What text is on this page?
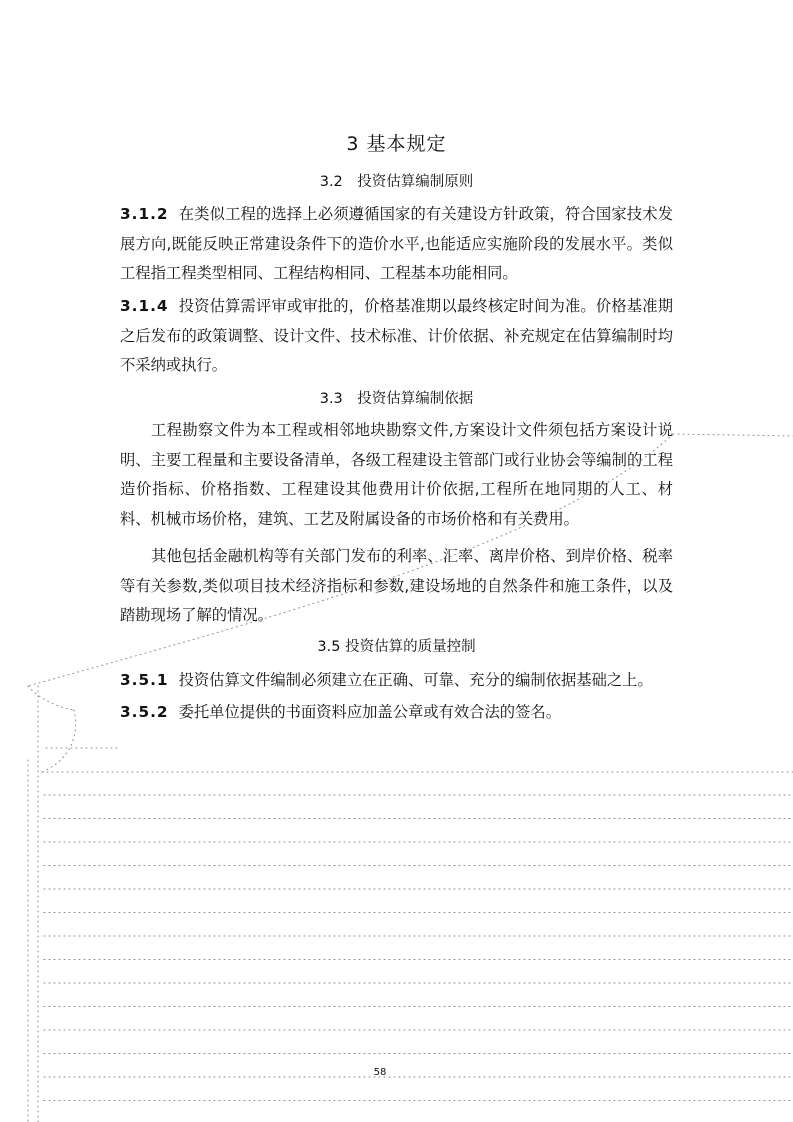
3 基本规定
3.2　投资估算编制原则

3.1.2 在类似工程的选择上必须遵循国家的有关建设方针政策，符合国家技术发展方向,既能反映正常建设条件下的造价水平,也能适应实施阶段的发展水平。类似工程指工程类型相同、工程结构相同、工程基本功能相同。

3.1.4 投资估算需评审或审批的，价格基准期以最终核定时间为准。价格基准期之后发布的政策调整、设计文件、技术标准、计价依据、补充规定在估算编制时均不采纳或执行。

3.3　投资估算编制依据

工程勘察文件为本工程或相邻地块勘察文件,方案设计文件须包括方案设计说明、主要工程量和主要设备清单，各级工程建设主管部门或行业协会等编制的工程造价指标、价格指数、工程建设其他费用计价依据,工程所在地同期的人工、材料、机械市场价格，建筑、工艺及附属设备的市场价格和有关费用。

其他包括金融机构等有关部门发布的利率、汇率、离岸价格、到岸价格、税率等有关参数,类似项目技术经济指标和参数,建设场地的自然条件和施工条件，以及踏勘现场了解的情况。

3.5 投资估算的质量控制

3.5.1 投资估算文件编制必须建立在正确、可靠、充分的编制依据基础之上。

3.5.2 委托单位提供的书面资料应加盖公章或有效合法的签名。

58
